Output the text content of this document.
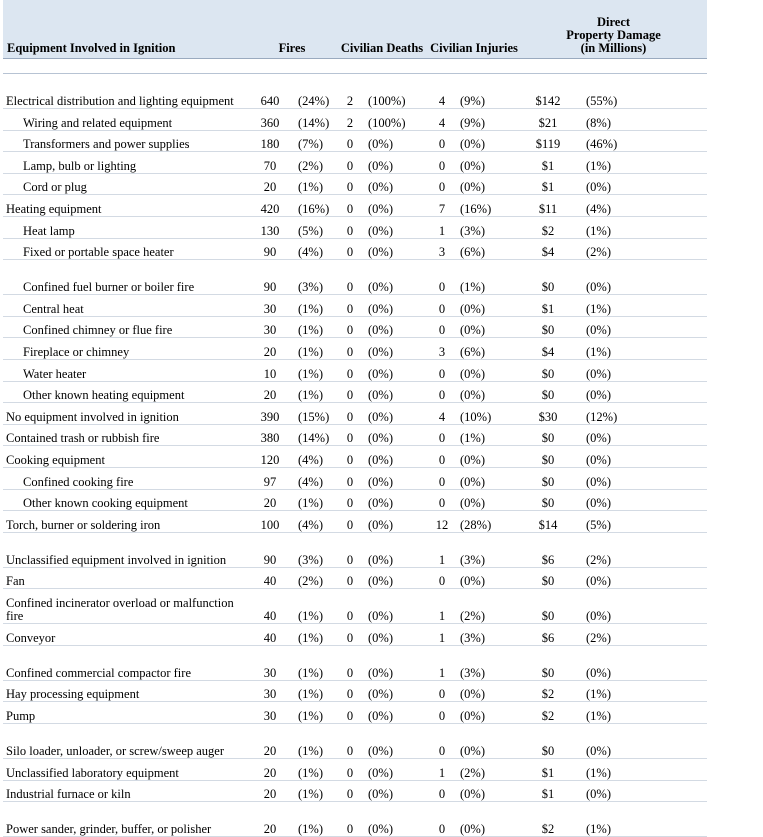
Equipment Involved in Ignition	Fires		Civilian Deaths		Civilian Injuries		Direct
Property Damage
(in Millions)	

Electrical distribution and lighting equipment	640	(24%)	2	(100%)	4	(9%)	$142	(55%)
Wiring and related equipment	360	(14%)	2	(100%)	4	(9%)	$21	(8%)
Transformers and power supplies	180	(7%)	0	(0%)	0	(0%)	$119	(46%)
Lamp, bulb or lighting	70	(2%)	0	(0%)	0	(0%)	$1	(1%)
Cord or plug	20	(1%)	0	(0%)	0	(0%)	$1	(0%)
Heating equipment	420	(16%)	0	(0%)	7	(16%)	$11	(4%)
Heat lamp	130	(5%)	0	(0%)	1	(3%)	$2	(1%)
Fixed or portable space heater	90	(4%)	0	(0%)	3	(6%)	$4	(2%)
Confined fuel burner or boiler fire	90	(3%)	0	(0%)	0	(1%)	$0	(0%)
Central heat	30	(1%)	0	(0%)	0	(0%)	$1	(1%)
Confined chimney or flue fire	30	(1%)	0	(0%)	0	(0%)	$0	(0%)
Fireplace or chimney	20	(1%)	0	(0%)	3	(6%)	$4	(1%)
Water heater	10	(1%)	0	(0%)	0	(0%)	$0	(0%)
Other known heating equipment	20	(1%)	0	(0%)	0	(0%)	$0	(0%)
No equipment involved in ignition	390	(15%)	0	(0%)	4	(10%)	$30	(12%)
Contained trash or rubbish fire	380	(14%)	0	(0%)	0	(1%)	$0	(0%)
Cooking equipment	120	(4%)	0	(0%)	0	(0%)	$0	(0%)
Confined cooking fire	97	(4%)	0	(0%)	0	(0%)	$0	(0%)
Other known cooking equipment	20	(1%)	0	(0%)	0	(0%)	$0	(0%)
Torch, burner or soldering iron	100	(4%)	0	(0%)	12	(28%)	$14	(5%)
Unclassified equipment involved in ignition	90	(3%)	0	(0%)	1	(3%)	$6	(2%)
Fan	40	(2%)	0	(0%)	0	(0%)	$0	(0%)
Confined incinerator overload or malfunction fire	40	(1%)	0	(0%)	1	(2%)	$0	(0%)
Conveyor	40	(1%)	0	(0%)	1	(3%)	$6	(2%)
Confined commercial compactor fire	30	(1%)	0	(0%)	1	(3%)	$0	(0%)
Hay processing equipment	30	(1%)	0	(0%)	0	(0%)	$2	(1%)
Pump	30	(1%)	0	(0%)	0	(0%)	$2	(1%)
Silo loader, unloader, or screw/sweep auger	20	(1%)	0	(0%)	0	(0%)	$0	(0%)
Unclassified laboratory equipment	20	(1%)	0	(0%)	1	(2%)	$1	(1%)
Industrial furnace or kiln	20	(1%)	0	(0%)	0	(0%)	$1	(0%)
Power sander, grinder, buffer, or polisher	20	(1%)	0	(0%)	0	(0%)	$2	(1%)
